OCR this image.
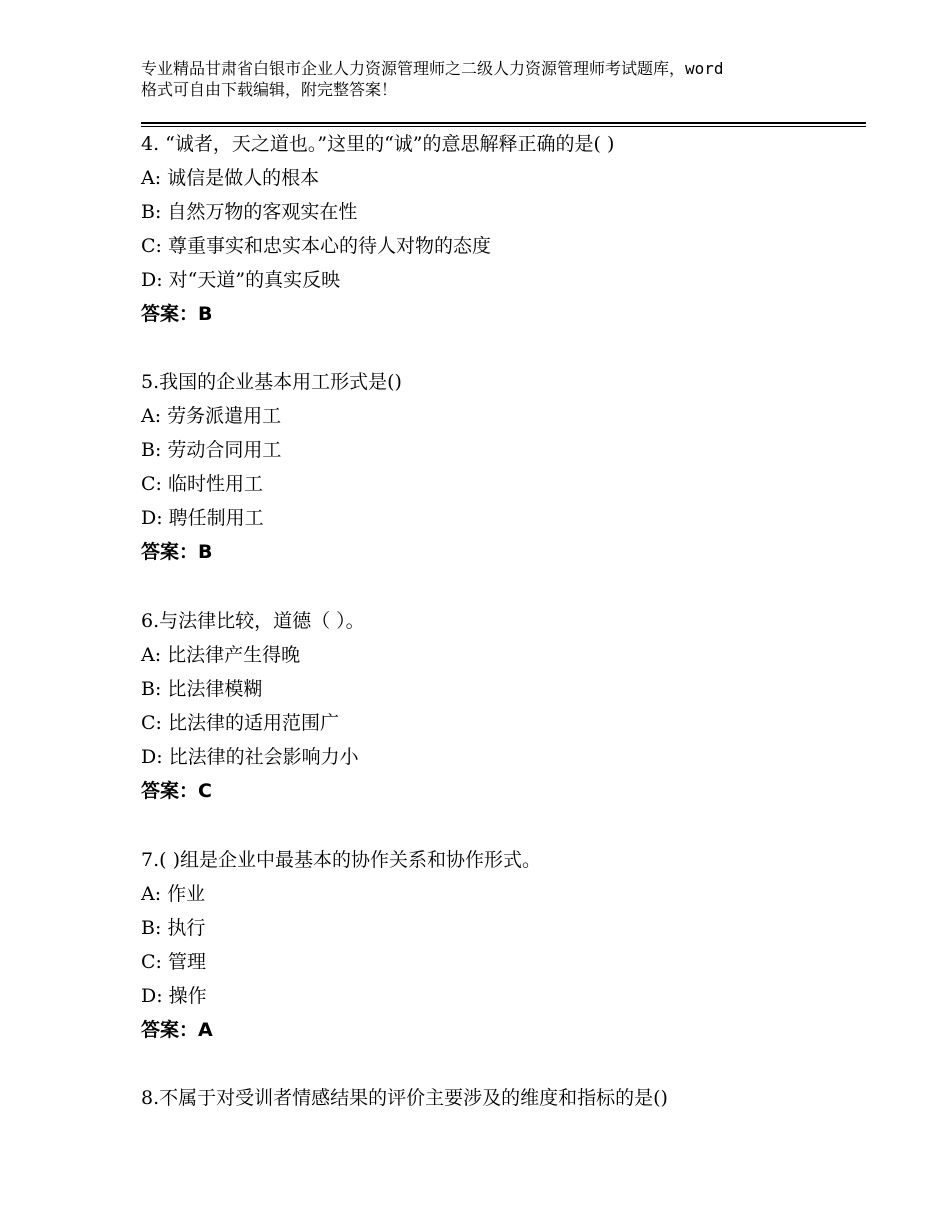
专业精品甘肃省白银市企业人力资源管理师之二级人力资源管理师考试题库，word
格式可自由下载编辑，附完整答案！
4. “诚者，天之道也。”这里的“诚”的意思解释正确的是( )
A: 诚信是做人的根本
B: 自然万物的客观实在性
C: 尊重事实和忠实本心的待人对物的态度
D: 对“天道”的真实反映
答案：B
5.我国的企业基本用工形式是()
A: 劳务派遣用工
B: 劳动合同用工
C: 临时性用工
D: 聘任制用工
答案：B
6.与法律比较，道德（ ）。
A: 比法律产生得晚
B: 比法律模糊
C: 比法律的适用范围广
D: 比法律的社会影响力小
答案：C
7.( )组是企业中最基本的协作关系和协作形式。
A: 作业
B: 执行
C: 管理
D: 操作
答案：A
8.不属于对受训者情感结果的评价主要涉及的维度和指标的是()
